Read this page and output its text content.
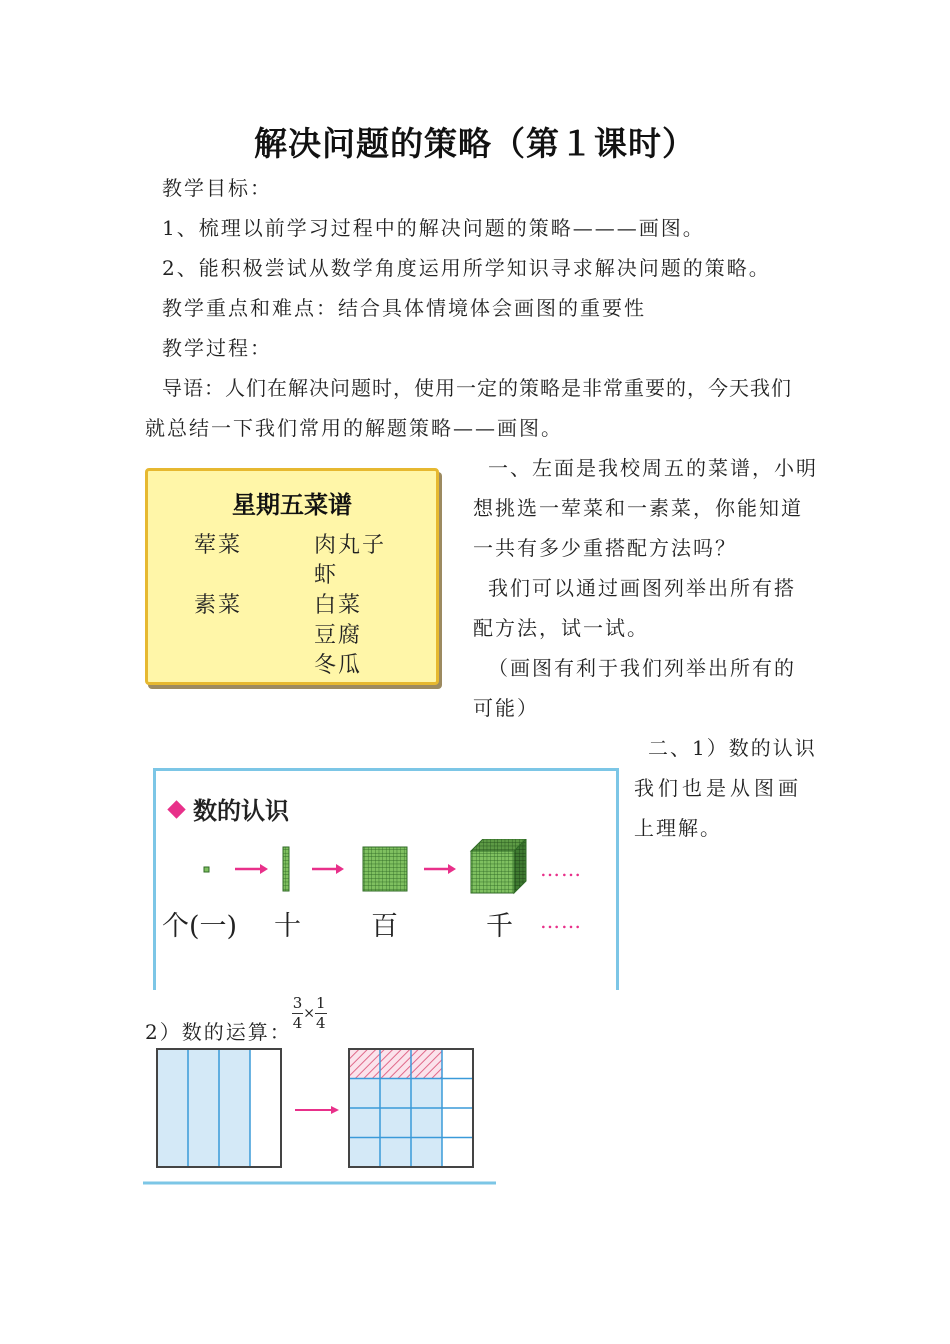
解决问题的策略（第１课时）
教学目标：
1、梳理以前学习过程中的解决问题的策略———画图。
2、能积极尝试从数学角度运用所学知识寻求解决问题的策略。
教学重点和难点：结合具体情境体会画图的重要性
教学过程：
导语：人们在解决问题时，使用一定的策略是非常重要的，今天我们
就总结一下我们常用的解题策略——画图。
星期五菜谱
荤菜	肉丸子
虾
素菜	白菜
豆腐
冬瓜
一、左面是我校周五的菜谱，小明
想挑选一荤菜和一素菜，你能知道
一共有多少重搭配方法吗？
我们可以通过画图列举出所有搭
配方法，试一试。
（画图有利于我们列举出所有的
可能）
二、1）数的认识
我们也是从图画
上理解。
数的认识
……
个(一) 十	百	千 ……
2）数的运算： $\frac{3}{4} \times \frac{1}{4}$
